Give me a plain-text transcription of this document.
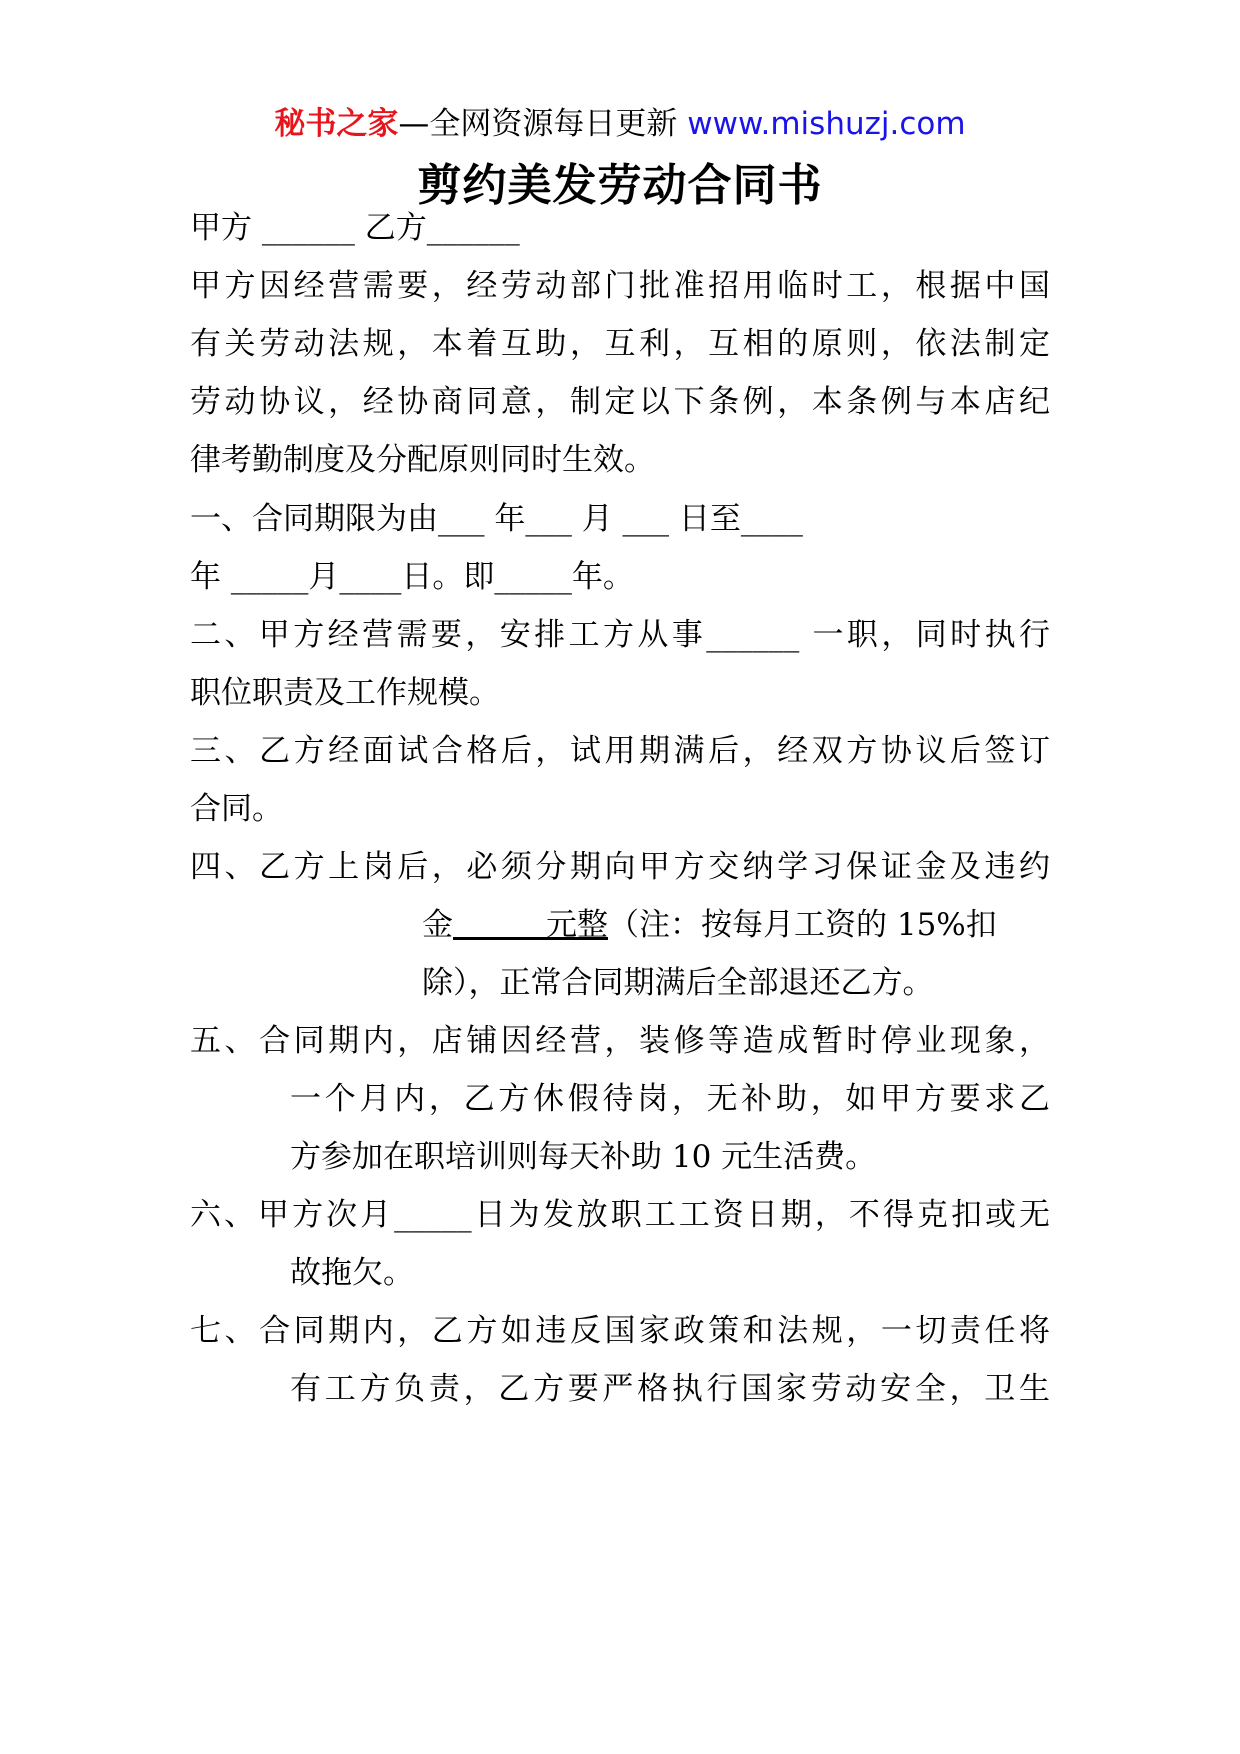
秘书之家—全网资源每日更新 www.mishuzj.com
剪约美发劳动合同书
甲方 ______ 乙方______
甲方因经营需要，经劳动部门批准招用临时工，根据中国
有关劳动法规，本着互助，互利，互相的原则，依法制定
劳动协议，经协商同意，制定以下条例，本条例与本店纪
律考勤制度及分配原则同时生效。
一、合同期限为由___ 年___ 月 ___ 日至____
年 _____月____日。即_____年。
二、甲方经营需要，安排工方从事______ 一职，同时执行
职位职责及工作规模。
三、乙方经面试合格后，试用期满后，经双方协议后签订
合同。
四、乙方上岗后，必须分期向甲方交纳学习保证金及违约
金   	元整（注：按每月工资的 15%扣
除），正常合同期满后全部退还乙方。
五、合同期内，店铺因经营，装修等造成暂时停业现象，
一个月内，乙方休假待岗，无补助，如甲方要求乙
方参加在职培训则每天补助 10 元生活费。
六、甲方次月_____日为发放职工工资日期，不得克扣或无
故拖欠。
七、合同期内，乙方如违反国家政策和法规，一切责任将
有工方负责，乙方要严格执行国家劳动安全，卫生
